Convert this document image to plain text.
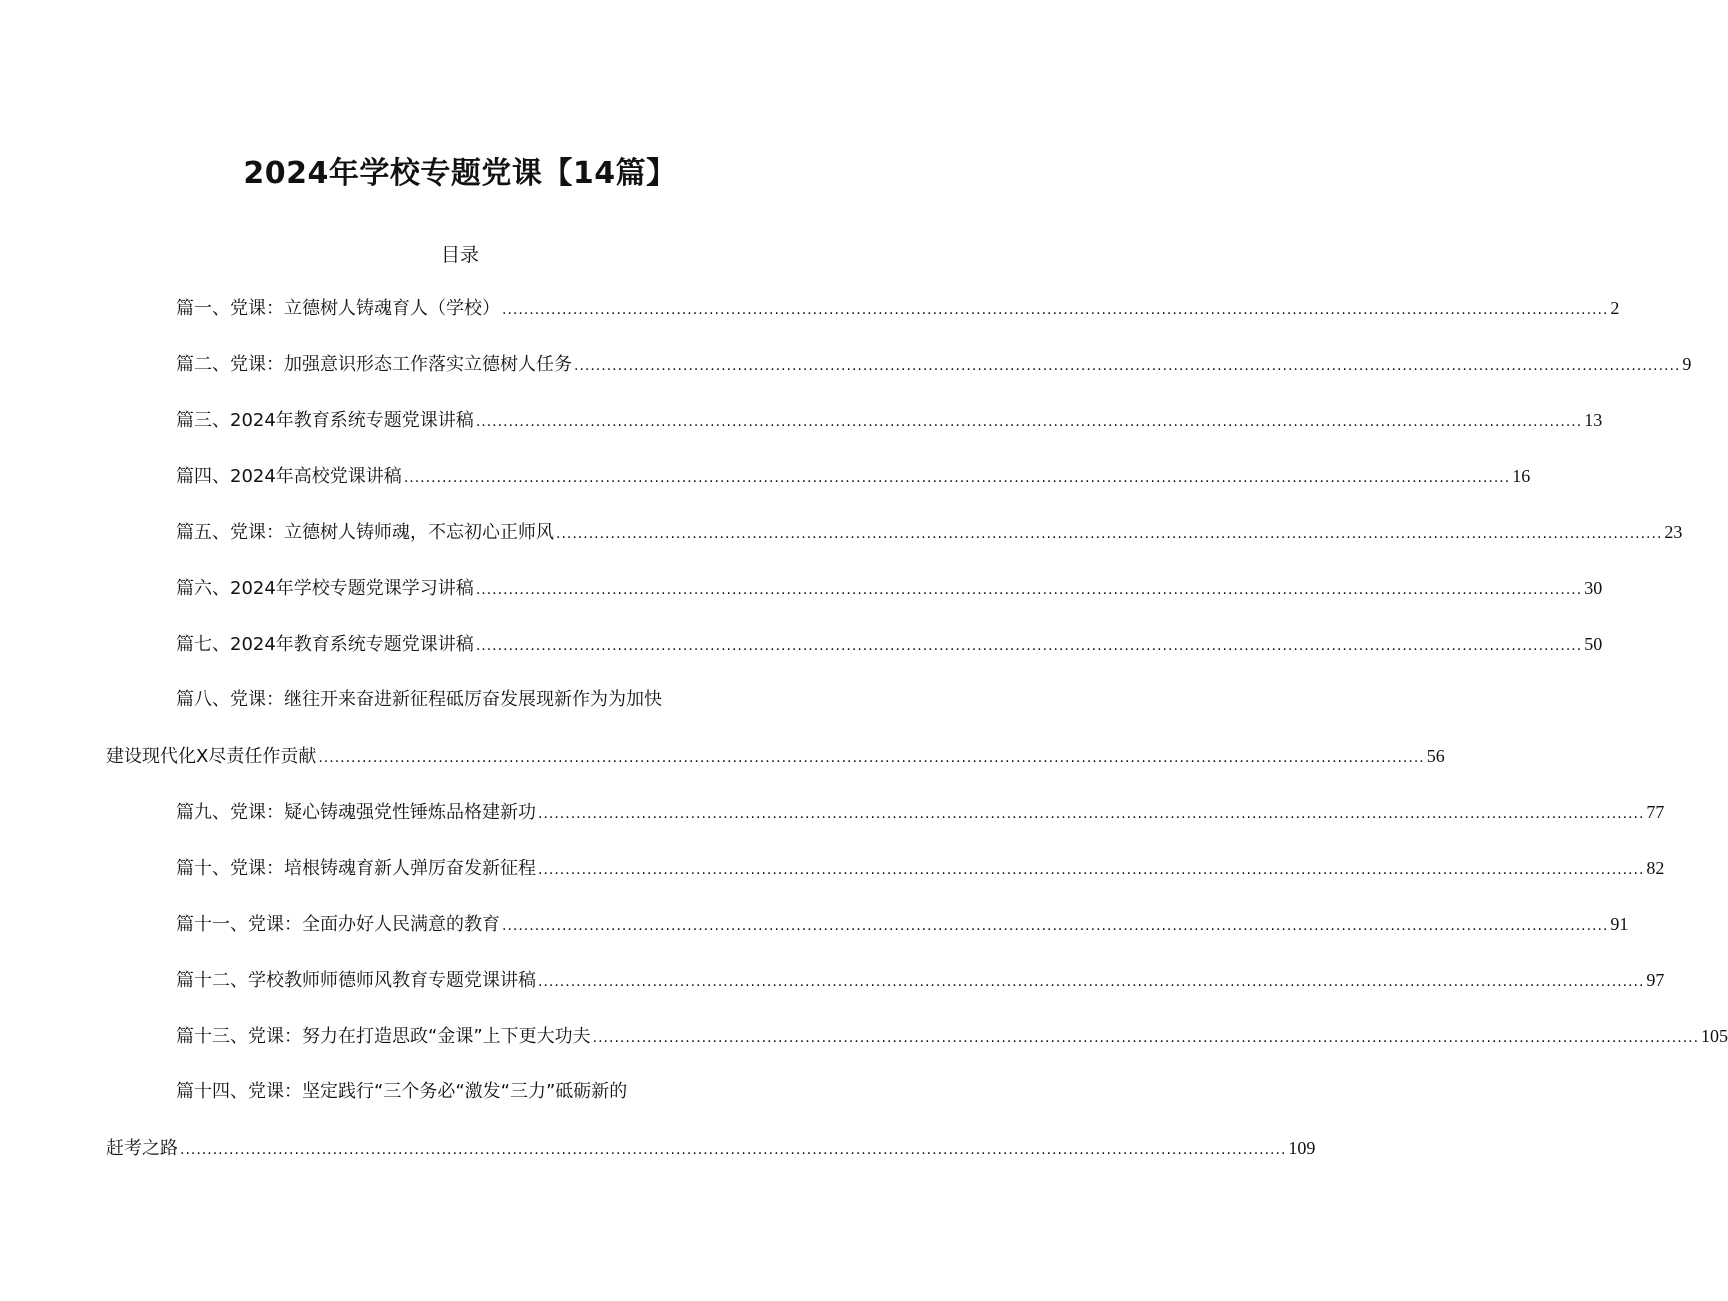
2024年学校专题党课【14篇】
目录
篇一、党课：立德树人铸魂育人（学校） ........................................................................................................................................................................................................... 2
篇二、党课：加强意识形态工作落实立德树人任务 ........................................................................................................................................................................................................... 9
篇三、2024年教育系统专题党课讲稿 ........................................................................................................................................................................................................... 13
篇四、2024年高校党课讲稿 ........................................................................................................................................................................................................... 16
篇五、党课：立德树人铸师魂，不忘初心正师风 ........................................................................................................................................................................................................... 23
篇六、2024年学校专题党课学习讲稿 ........................................................................................................................................................................................................... 30
篇七、2024年教育系统专题党课讲稿 ........................................................................................................................................................................................................... 50
篇八、党课：继往开来奋进新征程砥厉奋发展现新作为为加快
建设现代化X尽责任作贡献 ........................................................................................................................................................................................................... 56
篇九、党课：疑心铸魂强党性锤炼品格建新功 ........................................................................................................................................................................................................... 77
篇十、党课：培根铸魂育新人弹厉奋发新征程 ........................................................................................................................................................................................................... 82
篇十一、党课：全面办好人民满意的教育 ........................................................................................................................................................................................................... 91
篇十二、学校教师师德师风教育专题党课讲稿 ........................................................................................................................................................................................................... 97
篇十三、党课：努力在打造思政“金课”上下更大功夫 ........................................................................................................................................................................................................... 105
篇十四、党课：坚定践行“三个务必“激发“三力”砥砺新的
赶考之路 ........................................................................................................................................................................................................... 109
